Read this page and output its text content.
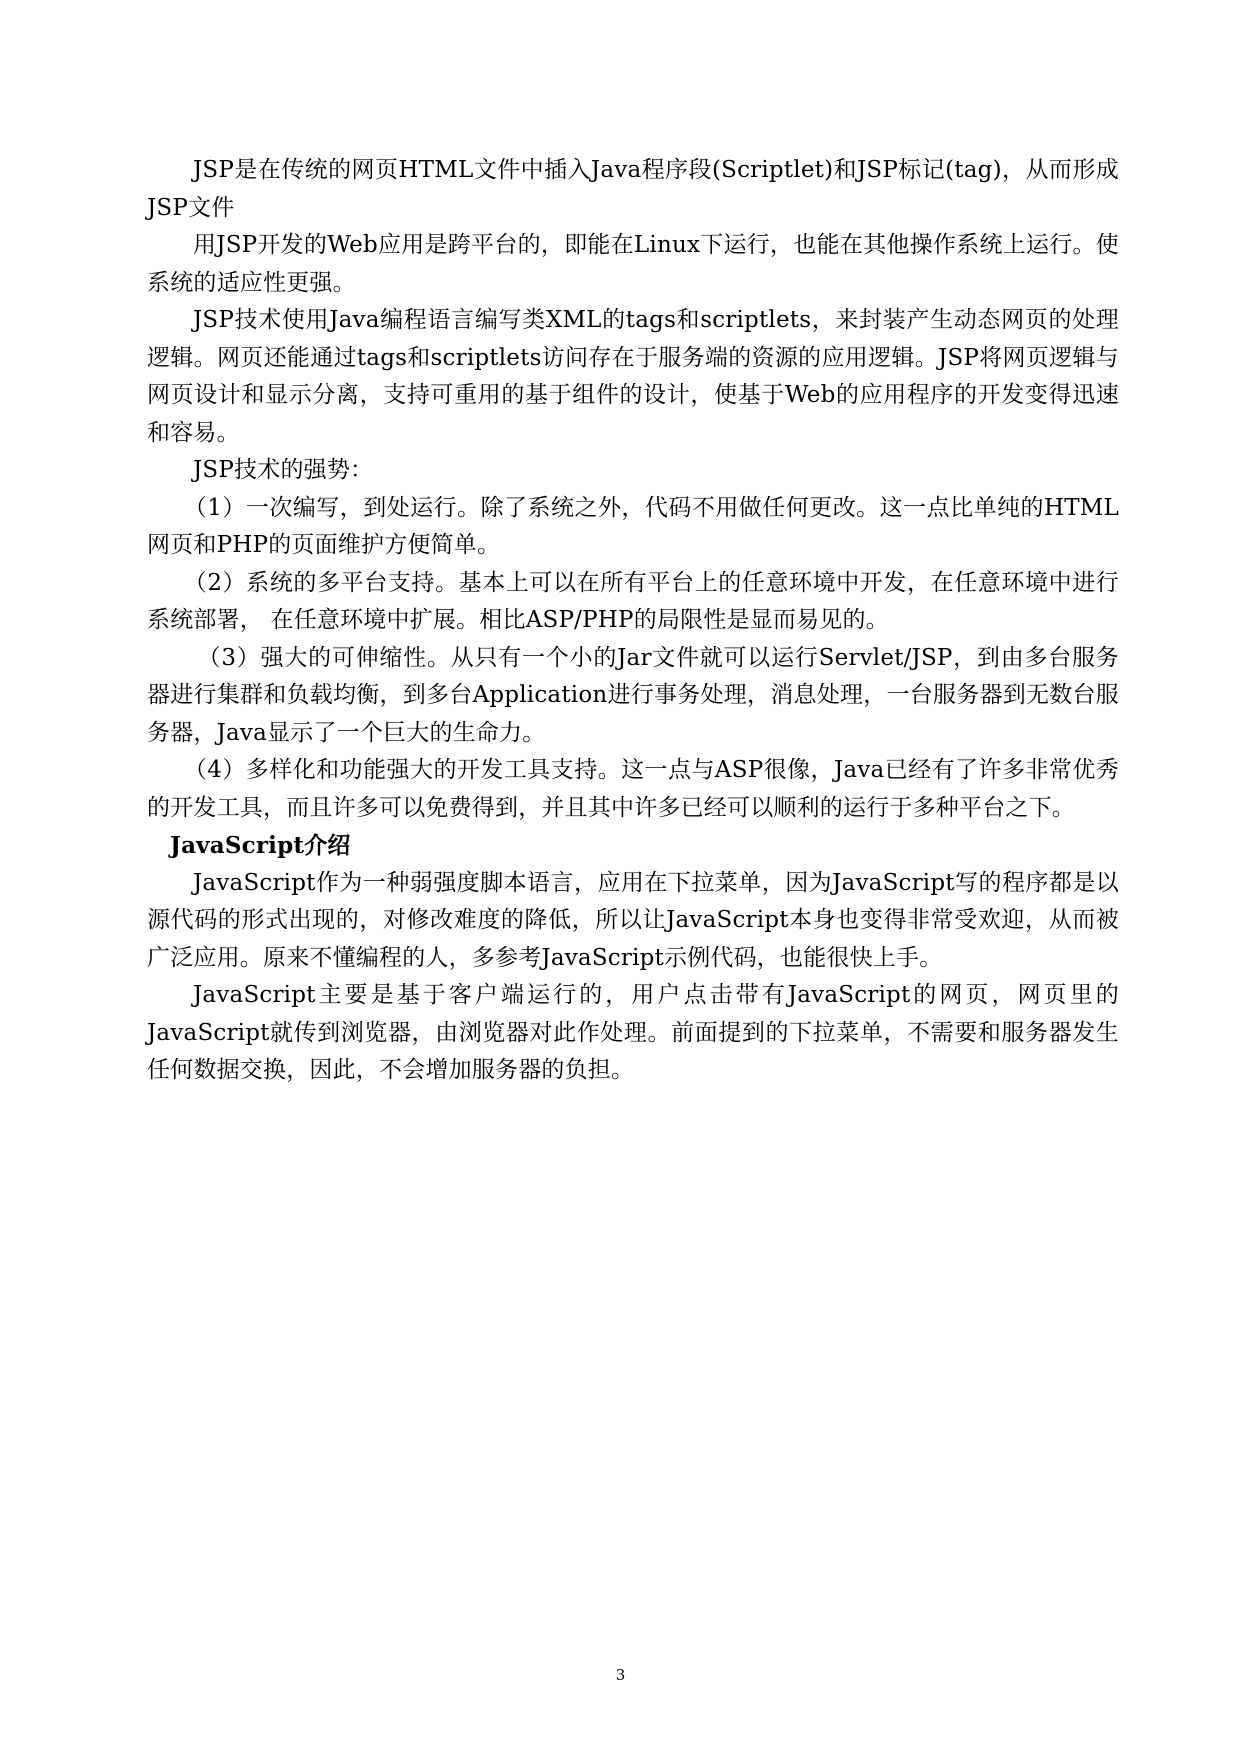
JSP是在传统的网页HTML文件中插入Java程序段(Scriptlet)和JSP标记(tag)，从而形成JSP文件

用JSP开发的Web应用是跨平台的，即能在Linux下运行，也能在其他操作系统上运行。使系统的适应性更强。

JSP技术使用Java编程语言编写类XML的tags和scriptlets，来封装产生动态网页的处理逻辑。网页还能通过tags和scriptlets访问存在于服务端的资源的应用逻辑。JSP将网页逻辑与网页设计和显示分离，支持可重用的基于组件的设计，使基于Web的应用程序的开发变得迅速和容易。

JSP技术的强势：

（1）一次编写，到处运行。除了系统之外，代码不用做任何更改。这一点比单纯的HTML网页和PHP的页面维护方便简单。

（2）系统的多平台支持。基本上可以在所有平台上的任意环境中开发，在任意环境中进行系统部署， 在任意环境中扩展。相比ASP/PHP的局限性是显而易见的。

（3）强大的可伸缩性。从只有一个小的Jar文件就可以运行Servlet/JSP，到由多台服务器进行集群和负载均衡，到多台Application进行事务处理，消息处理，一台服务器到无数台服务器，Java显示了一个巨大的生命力。

（4）多样化和功能强大的开发工具支持。这一点与ASP很像，Java已经有了许多非常优秀的开发工具，而且许多可以免费得到，并且其中许多已经可以顺利的运行于多种平台之下。

JavaScript介绍

JavaScript作为一种弱强度脚本语言，应用在下拉菜单，因为JavaScript写的程序都是以源代码的形式出现的，对修改难度的降低，所以让JavaScript本身也变得非常受欢迎，从而被广泛应用。原来不懂编程的人，多参考JavaScript示例代码，也能很快上手。

JavaScript主要是基于客户端运行的，用户点击带有JavaScript的网页，网页里的JavaScript就传到浏览器，由浏览器对此作处理。前面提到的下拉菜单，不需要和服务器发生任何数据交换，因此，不会增加服务器的负担。

3
